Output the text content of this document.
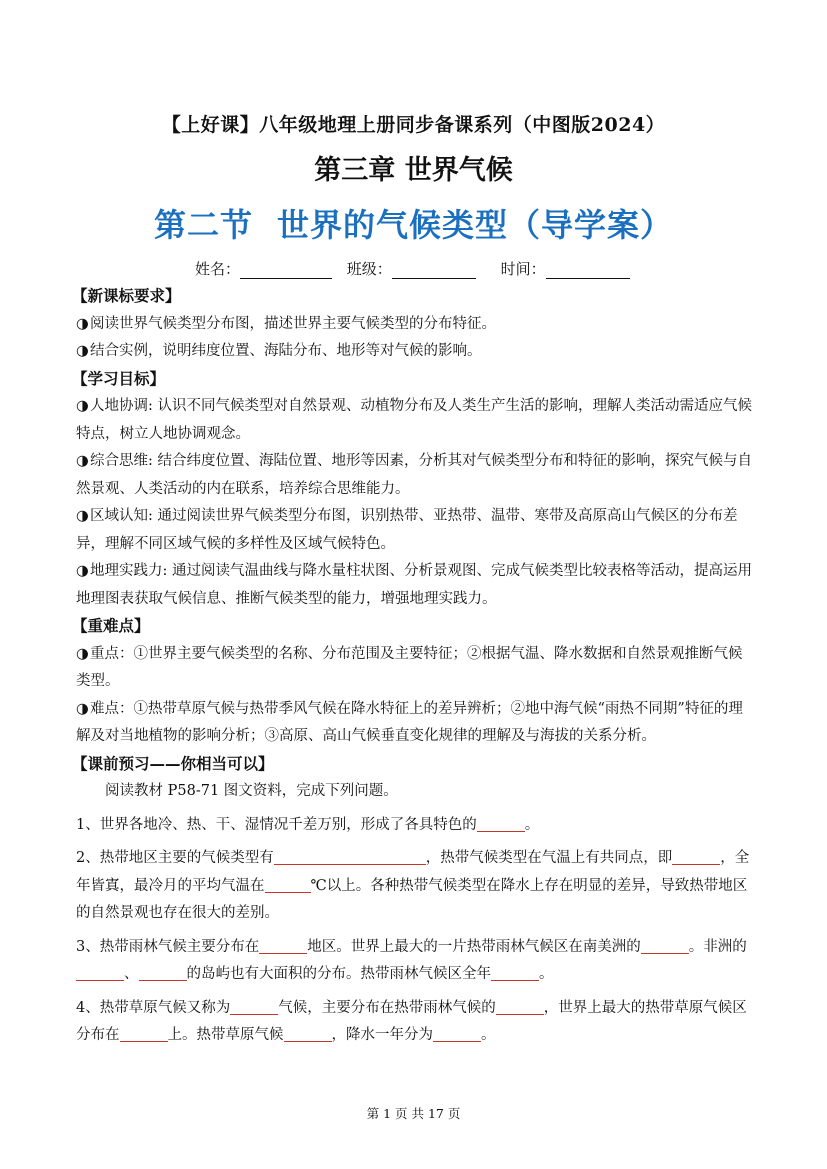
【上好课】八年级地理上册同步备课系列（中图版2024）
第三章 世界气候
第二节 世界的气候类型（导学案）
姓名：	班级：	时间：

【新课标要求】

◑阅读世界气候类型分布图，描述世界主要气候类型的分布特征。

◑结合实例，说明纬度位置、海陆分布、地形等对气候的影响。

【学习目标】

◑人地协调: 认识不同气候类型对自然景观、动植物分布及人类生产生活的影响，理解人类活动需适应气候特点，树立人地协调观念。

◑综合思维: 结合纬度位置、海陆位置、地形等因素，分析其对气候类型分布和特征的影响，探究气候与自然景观、人类活动的内在联系，培养综合思维能力。

◑区域认知: 通过阅读世界气候类型分布图，识别热带、亚热带、温带、寒带及高原高山气候区的分布差异，理解不同区域气候的多样性及区域气候特色。

◑地理实践力: 通过阅读气温曲线与降水量柱状图、分析景观图、完成气候类型比较表格等活动，提高运用地理图表获取气候信息、推断气候类型的能力，增强地理实践力。

【重难点】

◑重点：①世界主要气候类型的名称、分布范围及主要特征；②根据气温、降水数据和自然景观推断气候类型。

◑难点：①热带草原气候与热带季风气候在降水特征上的差异辨析；②地中海气候“雨热不同期”特征的理解及对当地植物的影响分析；③高原、高山气候垂直变化规律的理解及与海拔的关系分析。

【课前预习——你相当可以】

阅读教材 P58-71 图文资料，完成下列问题。

1、世界各地冷、热、干、湿情况千差万别，形成了各具特色的	。

2、热带地区主要的气候类型有	，热带气候类型在气温上有共同点，即	，全年皆寘，最冷月的平均气温在	℃以上。各种热带气候类型在降水上存在明显的差异，导致热带地区的自然景观也存在很大的差别。

3、热带雨林气候主要分布在	地区。世界上最大的一片热带雨林气候区在南美洲的	。非洲的、	的岛屿也有大面积的分布。热带雨林气候区全年	。

4、热带草原气候又称为	气候，主要分布在热带雨林气候的	，世界上最大的热带草原气候区分布在	上。热带草原气候	，降水一年分为	。

第 1 页 共 17 页
